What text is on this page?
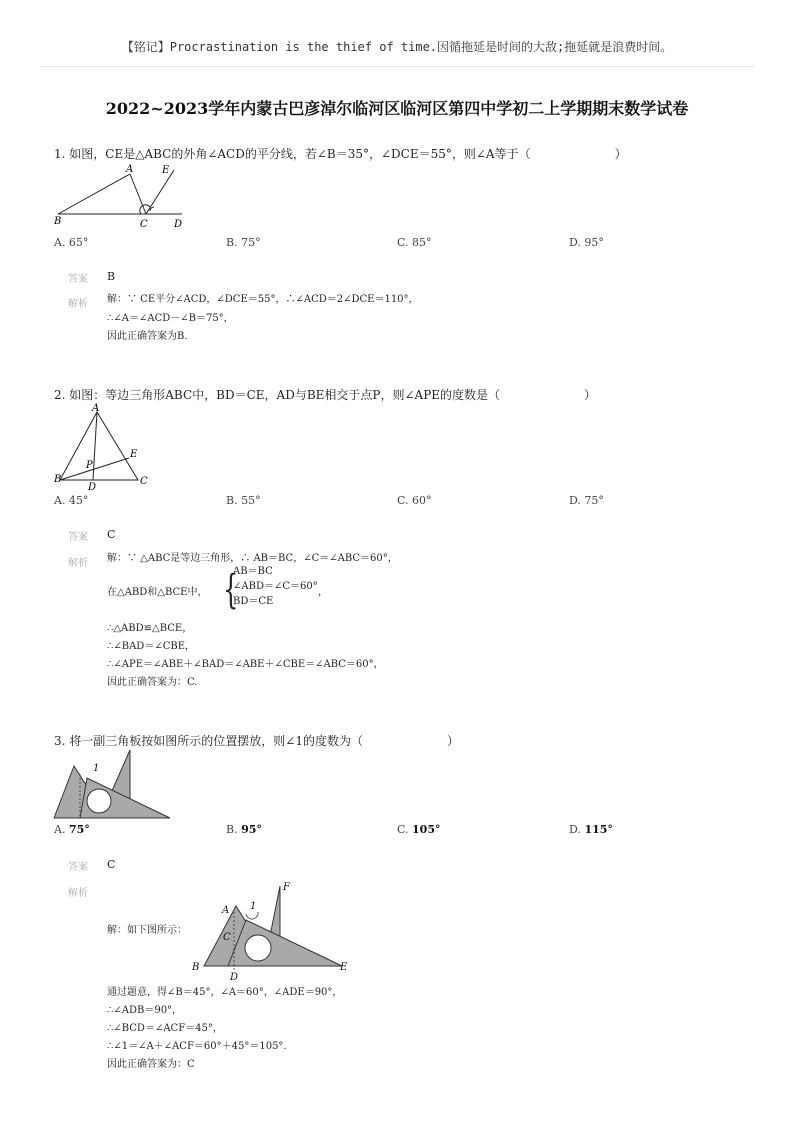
【铭记】Procrastination is the thief of time.因循拖延是时间的大敌;拖延就是浪费时间。
2022~2023学年内蒙古巴彦淖尔临河区临河区第四中学初二上学期期末数学试卷
1. 如图，CE是△ABC的外角∠ACD的平分线，若∠B＝35°，∠DCE＝55°，则∠A等于（　　　　　　　）
A	E
B	C	D
A. 65°	B. 75°	C. 85°	D. 95°
答案 B
解析 解：∵ CE平分∠ACD，∠DCE＝55°，∴∠ACD＝2∠DCE＝110°，
∴∠A＝∠ACD－∠B＝75°，
因此正确答案为B.
2. 如图：等边三角形ABC中，BD＝CE，AD与BE相交于点P，则∠APE的度数是（　　　　　　　）
A
E
P
B
D
C
A. 45°	B. 55°	C. 60°	D. 75°
答案 C
解析 解：∵ △ABC是等边三角形，∴ AB＝BC，∠C＝∠ABC＝60°，
在△ABD和△BCE中， {
AB＝BC
∠ABD＝∠C＝60°
BD＝CE
，
∴△ABD≌△BCE，
∴∠BAD＝∠CBE，
∴∠APE＝∠ABE＋∠BAD＝∠ABE＋∠CBE＝∠ABC＝60°，
因此正确答案为：C.
3. 将一副三角板按如图所示的位置摆放，则∠1的度数为（　　　　　　　）
1
A. 75°	B. 95°	C. 105°	D. 115°
答案 C
解析
解：如下图所示：
A 1
F
C
B
D
E
通过题意，得∠B＝45°，∠A＝60°，∠ADE＝90°，
∴∠ADB＝90°，
∴∠BCD＝∠ACF＝45°，
∴∠1＝∠A＋∠ACF＝60°＋45°＝105°.
因此正确答案为：C
